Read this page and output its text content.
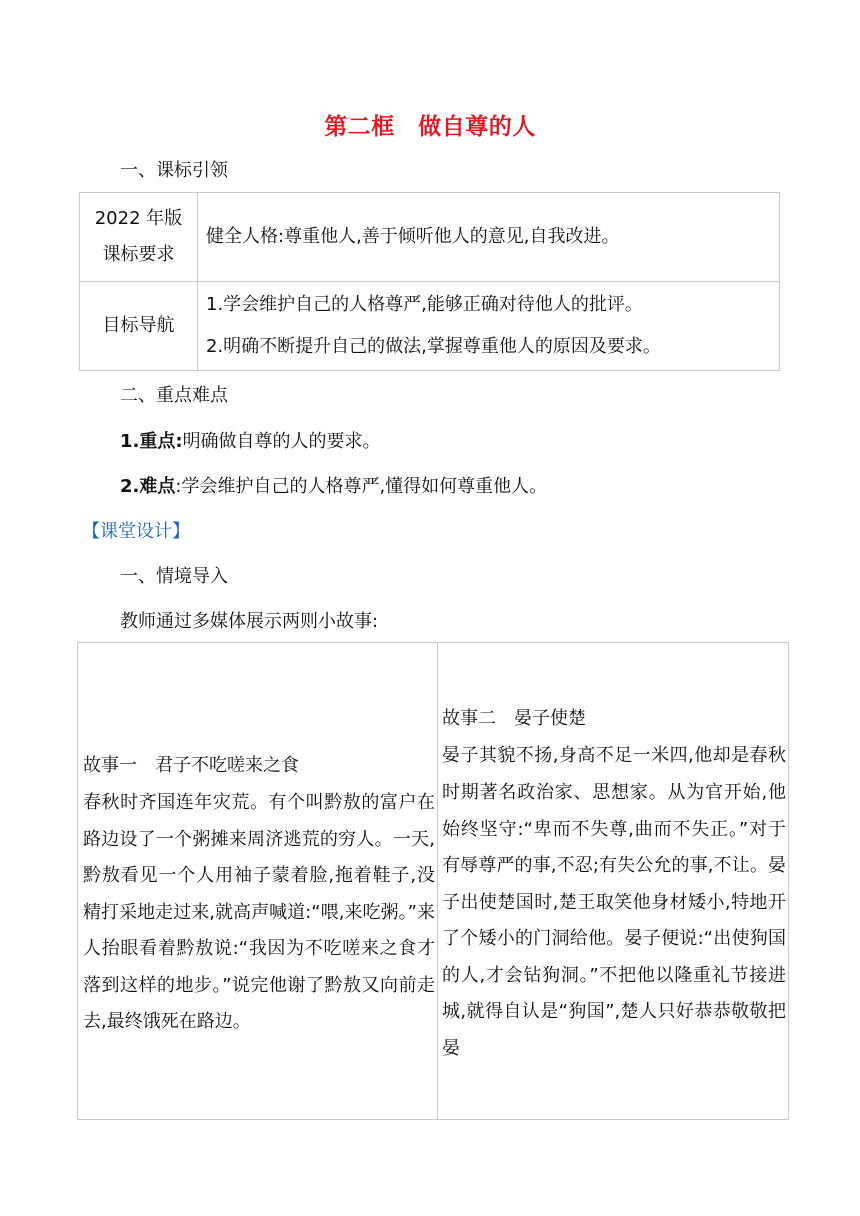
第二框　做自尊的人
一、课标引领
2022 年版
课标要求	健全人格:尊重他人,善于倾听他人的意见,自我改进。
目标导航	1.学会维护自己的人格尊严,能够正确对待他人的批评。
2.明确不断提升自己的做法,掌握尊重他人的原因及要求。
二、重点难点
1.重点:明确做自尊的人的要求。
2.难点:学会维护自己的人格尊严,懂得如何尊重他人。
【课堂设计】
一、情境导入
教师通过多媒体展示两则小故事:
故事一　君子不吃嗟来之食

春秋时齐国连年灾荒。有个叫黔敖的富户在路边设了一个粥摊来周济逃荒的穷人。一天,黔敖看见一个人用袖子蒙着脸,拖着鞋子,没精打采地走过来,就高声喊道:“喂,来吃粥。”来人抬眼看着黔敖说:“我因为不吃嗟来之食才落到这样的地步。”说完他谢了黔敖又向前走去,最终饿死在路边。

故事二　晏子使楚

晏子其貌不扬,身高不足一米四,他却是春秋时期著名政治家、思想家。从为官开始,他始终坚守:“卑而不失尊,曲而不失正。”对于有辱尊严的事,不忍;有失公允的事,不让。晏子出使楚国时,楚王取笑他身材矮小,特地开了个矮小的门洞给他。晏子便说:“出使狗国的人,才会钻狗洞。”不把他以隆重礼节接进城,就得自认是“狗国”,楚人只好恭恭敬敬把晏
